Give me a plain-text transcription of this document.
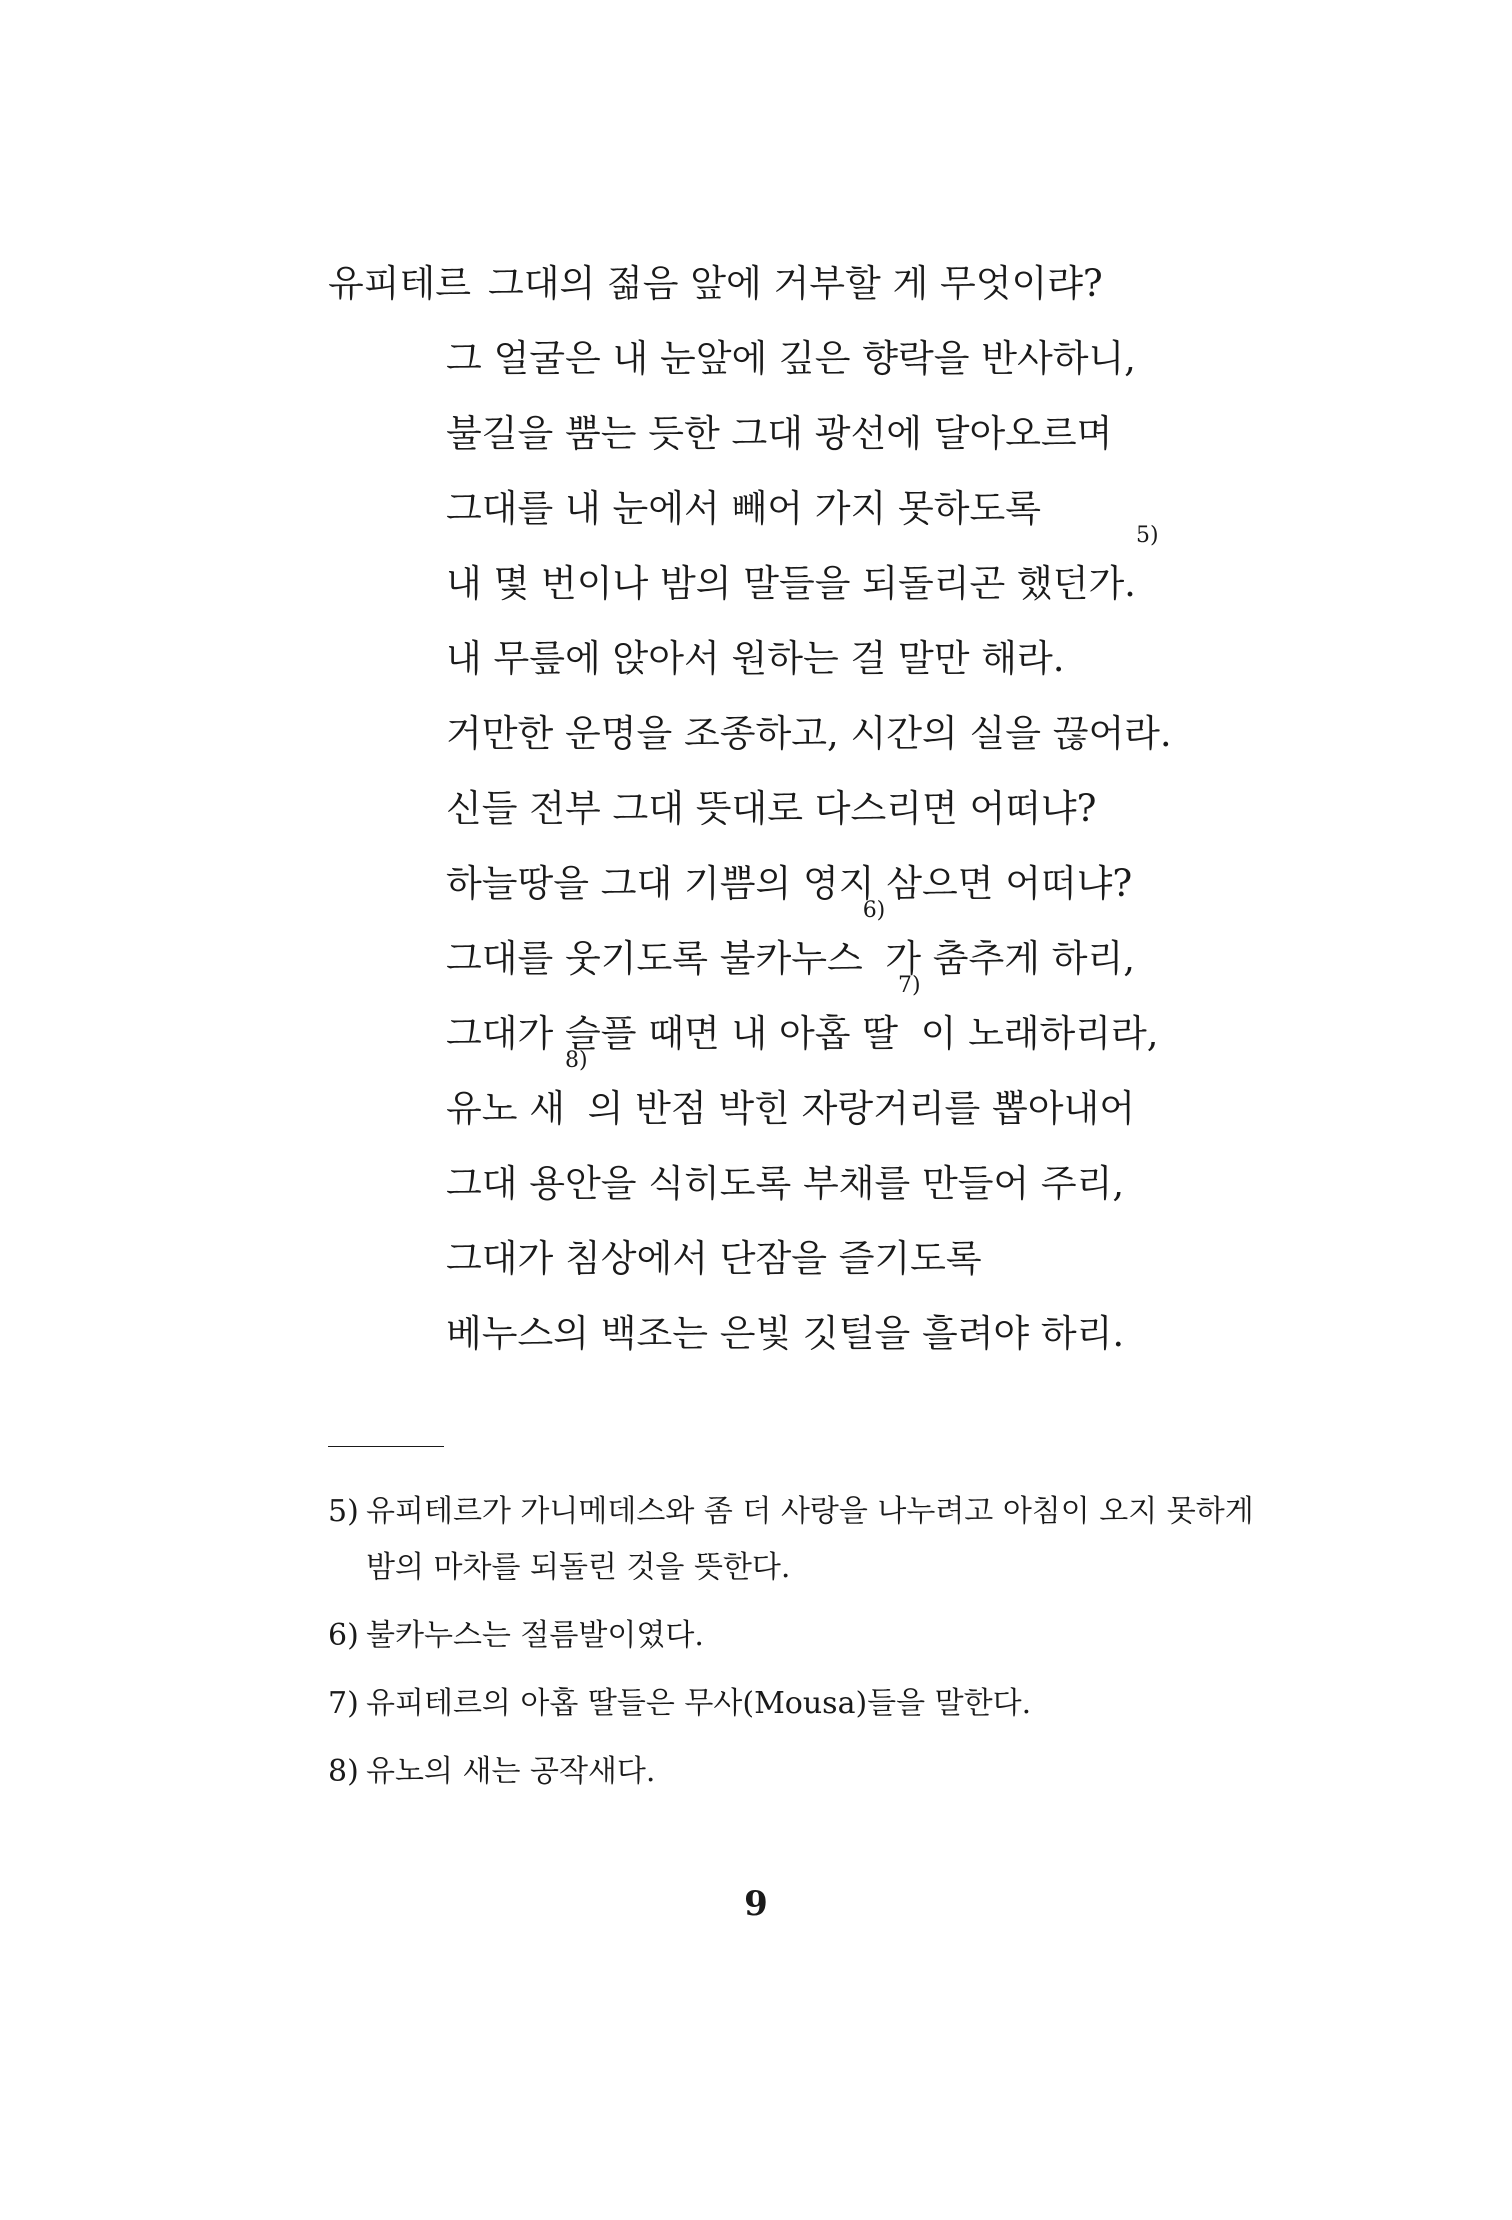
유피테르 그대의 젊음 앞에 거부할 게 무엇이랴?
그 얼굴은 내 눈앞에 깊은 향락을 반사하니,
불길을 뿜는 듯한 그대 광선에 달아오르며
그대를 내 눈에서 빼어 가지 못하도록
내 몇 번이나 밤의 말들을 되돌리곤 했던가.$^{5)}$
내 무릎에 앉아서 원하는 걸 말만 해라.
거만한 운명을 조종하고, 시간의 실을 끊어라.
신들 전부 그대 뜻대로 다스리면 어떠냐?
하늘땅을 그대 기쁨의 영지 삼으면 어떠냐?
그대를 웃기도록 불카누스$^{6)}$가 춤추게 하리,
그대가 슬플 때면 내 아홉 딸$^{7)}$이 노래하리라,
유노 새$^{8)}$의 반점 박힌 자랑거리를 뽑아내어
그대 용안을 식히도록 부채를 만들어 주리,
그대가 침상에서 단잠을 즐기도록
베누스의 백조는 은빛 깃털을 흘려야 하리.
5) 유피테르가 가니메데스와 좀 더 사랑을 나누려고 아침이 오지 못하게 밤의 마차를 되돌린 것을 뜻한다.
6) 불카누스는 절름발이였다.
7) 유피테르의 아홉 딸들은 무사(Mousa)들을 말한다.
8) 유노의 새는 공작새다.
9
